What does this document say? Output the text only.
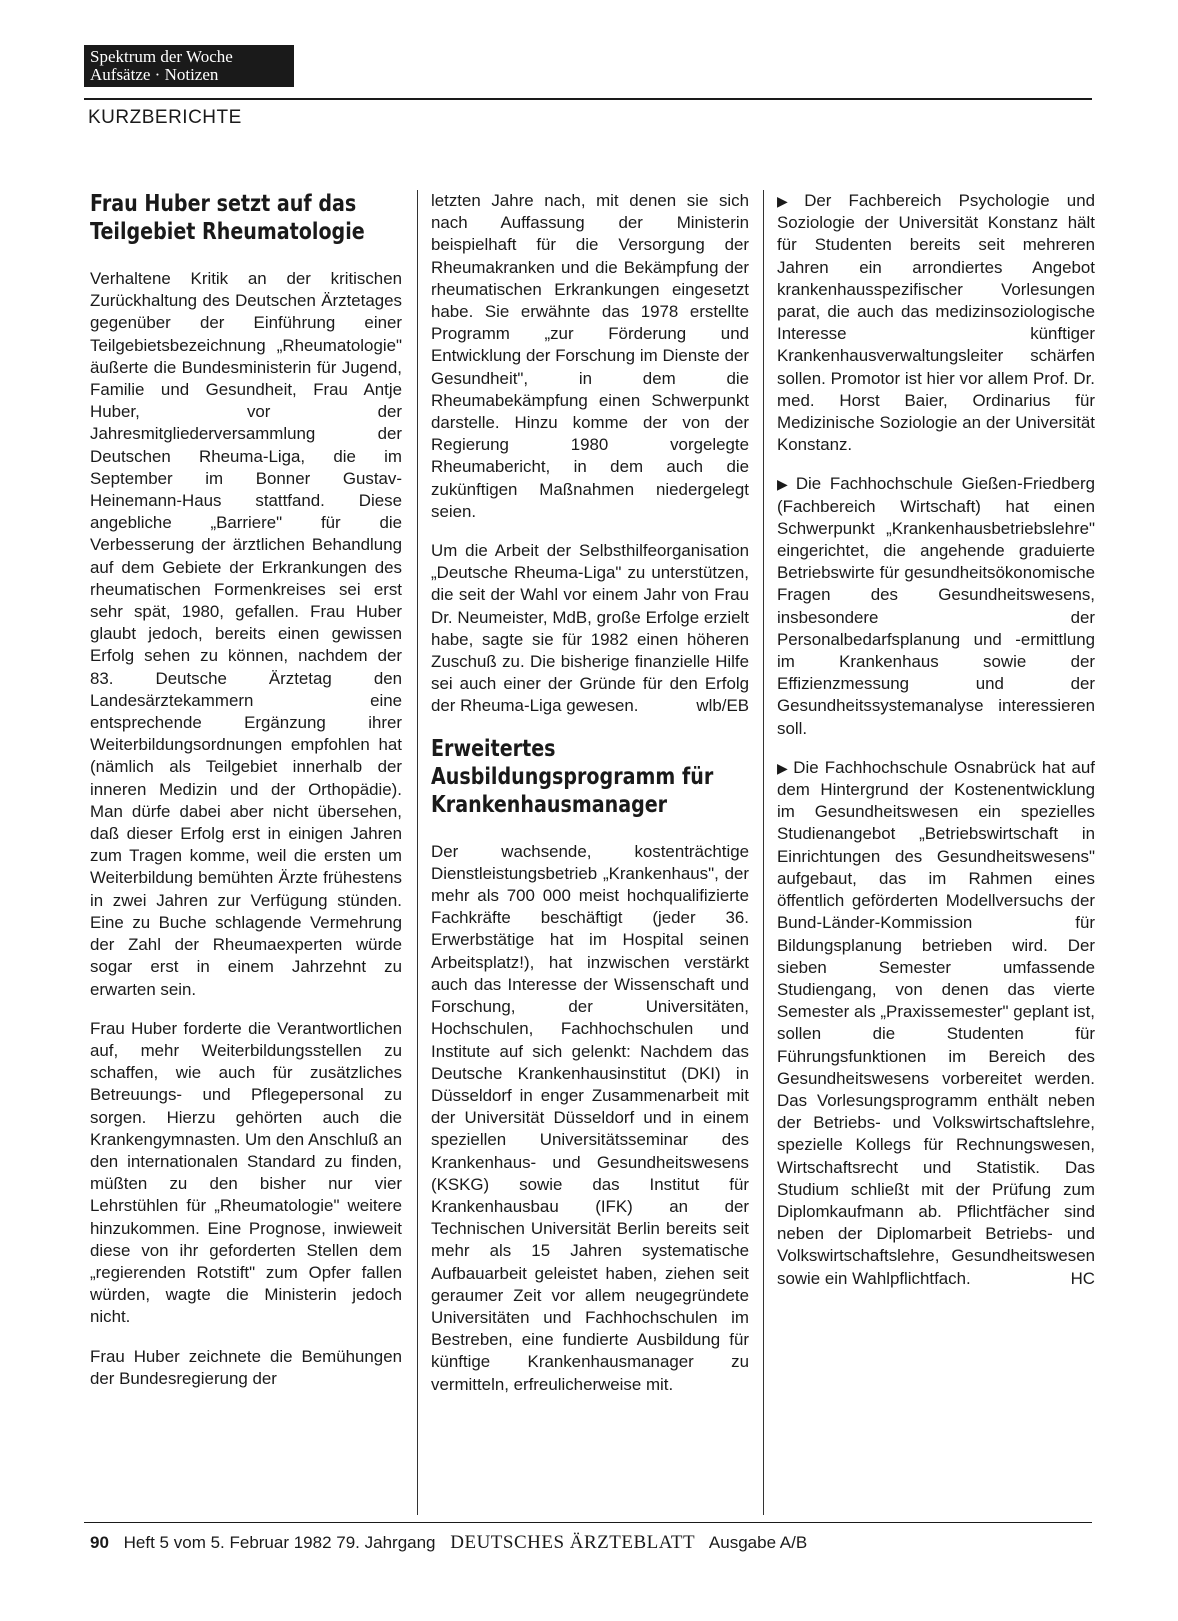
Spektrum der Woche
Aufsätze · Notizen
KURZBERICHTE
Frau Huber setzt auf das Teilgebiet Rheumatologie

Verhaltene Kritik an der kritischen Zurückhaltung des Deutschen Ärztetages gegenüber der Einführung einer Teilgebietsbezeichnung „Rheumatologie" äußerte die Bundesministerin für Jugend, Familie und Gesundheit, Frau Antje Huber, vor der Jahresmitgliederversammlung der Deutschen Rheuma-Liga, die im September im Bonner Gustav-Heinemann-Haus stattfand. Diese angebliche „Barriere" für die Verbesserung der ärztlichen Behandlung auf dem Gebiete der Erkrankungen des rheumatischen Formenkreises sei erst sehr spät, 1980, gefallen. Frau Huber glaubt jedoch, bereits einen gewissen Erfolg sehen zu können, nachdem der 83. Deutsche Ärztetag den Landesärztekammern eine entsprechende Ergänzung ihrer Weiterbildungsordnungen empfohlen hat (nämlich als Teilgebiet innerhalb der inneren Medizin und der Orthopädie). Man dürfe dabei aber nicht übersehen, daß dieser Erfolg erst in einigen Jahren zum Tragen komme, weil die ersten um Weiterbildung bemühten Ärzte frühestens in zwei Jahren zur Verfügung stünden. Eine zu Buche schlagende Vermehrung der Zahl der Rheumaexperten würde sogar erst in einem Jahrzehnt zu erwarten sein.

Frau Huber forderte die Verantwortlichen auf, mehr Weiterbildungsstellen zu schaffen, wie auch für zusätzliches Betreuungs- und Pflegepersonal zu sorgen. Hierzu gehörten auch die Krankengymnasten. Um den Anschluß an den internationalen Standard zu finden, müßten zu den bisher nur vier Lehrstühlen für „Rheumatologie" weitere hinzukommen. Eine Prognose, inwieweit diese von ihr geforderten Stellen dem „regierenden Rotstift" zum Opfer fallen würden, wagte die Ministerin jedoch nicht.

Frau Huber zeichnete die Bemühungen der Bundesregierung der

letzten Jahre nach, mit denen sie sich nach Auffassung der Ministerin beispielhaft für die Versorgung der Rheumakranken und die Bekämpfung der rheumatischen Erkrankungen eingesetzt habe. Sie erwähnte das 1978 erstellte Programm „zur Förderung und Entwicklung der Forschung im Dienste der Gesundheit", in dem die Rheumabekämpfung einen Schwerpunkt darstelle. Hinzu komme der von der Regierung 1980 vorgelegte Rheumabericht, in dem auch die zukünftigen Maßnahmen niedergelegt seien.

Um die Arbeit der Selbsthilfeorganisation „Deutsche Rheuma-Liga" zu unterstützen, die seit der Wahl vor einem Jahr von Frau Dr. Neumeister, MdB, große Erfolge erzielt habe, sagte sie für 1982 einen höheren Zuschuß zu. Die bisherige finanzielle Hilfe sei auch einer der Gründe für den Erfolg der Rheuma-Liga gewesen.	wlb/EB

Erweitertes Ausbildungsprogramm für Krankenhausmanager

Der wachsende, kostenträchtige Dienstleistungsbetrieb „Krankenhaus", der mehr als 700 000 meist hochqualifizierte Fachkräfte beschäftigt (jeder 36. Erwerbstätige hat im Hospital seinen Arbeitsplatz!), hat inzwischen verstärkt auch das Interesse der Wissenschaft und Forschung, der Universitäten, Hochschulen, Fachhochschulen und Institute auf sich gelenkt: Nachdem das Deutsche Krankenhausinstitut (DKI) in Düsseldorf in enger Zusammenarbeit mit der Universität Düsseldorf und in einem speziellen Universitätsseminar des Krankenhaus- und Gesundheitswesens (KSKG) sowie das Institut für Krankenhausbau (IFK) an der Technischen Universität Berlin bereits seit mehr als 15 Jahren systematische Aufbauarbeit geleistet haben, ziehen seit geraumer Zeit vor allem neugegründete Universitäten und Fachhochschulen im Bestreben, eine fundierte Ausbildung für künftige Krankenhausmanager zu vermitteln, erfreulicherweise mit.

▶ Der Fachbereich Psychologie und Soziologie der Universität Konstanz hält für Studenten bereits seit mehreren Jahren ein arrondiertes Angebot krankenhausspezifischer Vorlesungen parat, die auch das medizinsoziologische Interesse künftiger Krankenhausverwaltungsleiter schärfen sollen. Promotor ist hier vor allem Prof. Dr. med. Horst Baier, Ordinarius für Medizinische Soziologie an der Universität Konstanz.

▶ Die Fachhochschule Gießen-Friedberg (Fachbereich Wirtschaft) hat einen Schwerpunkt „Krankenhausbetriebslehre" eingerichtet, die angehende graduierte Betriebswirte für gesundheitsökonomische Fragen des Gesundheitswesens, insbesondere der Personalbedarfsplanung und -ermittlung im Krankenhaus sowie der Effizienzmessung und der Gesundheitssystemanalyse interessieren soll.

▶ Die Fachhochschule Osnabrück hat auf dem Hintergrund der Kostenentwicklung im Gesundheitswesen ein spezielles Studienangebot „Betriebswirtschaft in Einrichtungen des Gesundheitswesens" aufgebaut, das im Rahmen eines öffentlich geförderten Modellversuchs der Bund-Länder-Kommission für Bildungsplanung betrieben wird. Der sieben Semester umfassende Studiengang, von denen das vierte Semester als „Praxissemester" geplant ist, sollen die Studenten für Führungsfunktionen im Bereich des Gesundheitswesens vorbereitet werden. Das Vorlesungsprogramm enthält neben der Betriebs- und Volkswirtschaftslehre, spezielle Kollegs für Rechnungswesen, Wirtschaftsrecht und Statistik. Das Studium schließt mit der Prüfung zum Diplomkaufmann ab. Pflichtfächer sind neben der Diplomarbeit Betriebs- und Volkswirtschaftslehre, Gesundheitswesen sowie ein Wahlpflichtfach.	HC

90 Heft 5 vom 5. Februar 1982 79. Jahrgang DEUTSCHES ÄRZTEBLATT Ausgabe A/B
